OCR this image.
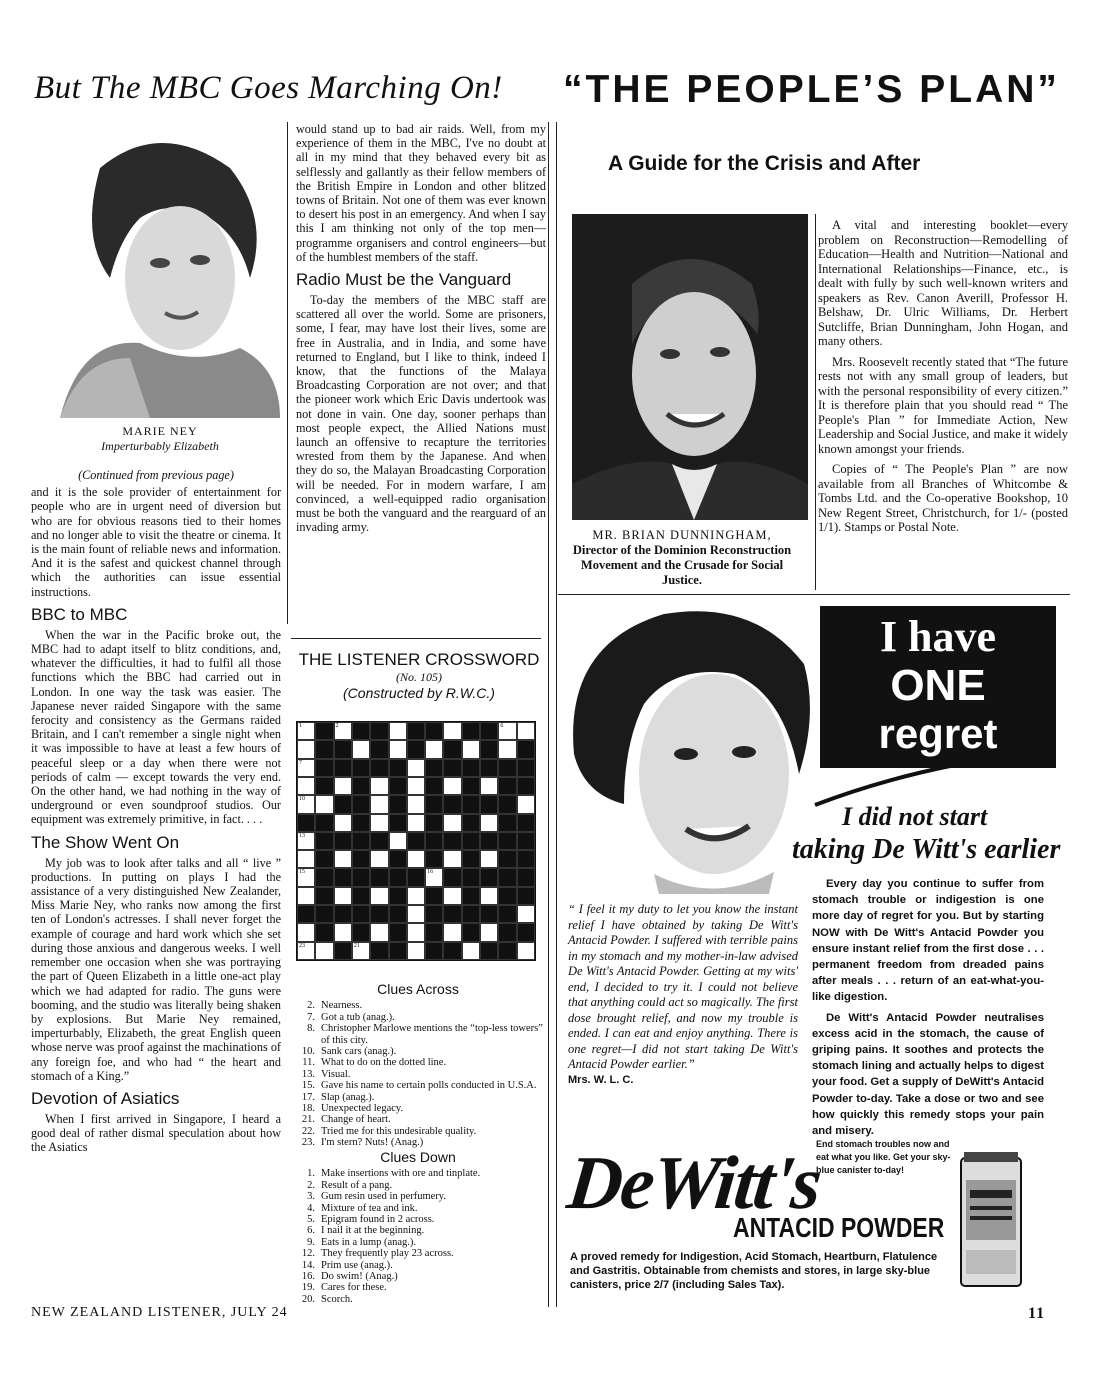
But The MBC Goes Marching On! “THE PEOPLE’S PLAN”
A Guide for the Crisis and After
MARIE NEY
Imperturbably Elizabeth
(Continued from previous page)

and it is the sole provider of entertainment for people who are in urgent need of diversion but who are for obvious reasons tied to their homes and no longer able to visit the theatre or cinema. It is the main fount of reliable news and information. And it is the safest and quickest channel through which the authorities can issue essential instructions.

BBC to MBC

When the war in the Pacific broke out, the MBC had to adapt itself to blitz conditions, and, whatever the difficulties, it had to fulfil all those functions which the BBC had carried out in London. In one way the task was easier. The Japanese never raided Singapore with the same ferocity and consistency as the Germans raided Britain, and I can't remember a single night when it was impossible to have at least a few hours of peaceful sleep or a day when there were not periods of calm — except towards the very end. On the other hand, we had nothing in the way of underground or even soundproof studios. Our equipment was extremely primitive, in fact. . . .

The Show Went On

My job was to look after talks and all “ live ” productions. In putting on plays I had the assistance of a very distinguished New Zealander, Miss Marie Ney, who ranks now among the first ten of London's actresses. I shall never forget the example of courage and hard work which she set during those anxious and dangerous weeks. I well remember one occasion when she was portraying the part of Queen Elizabeth in a little one-act play which we had adapted for radio. The guns were booming, and the studio was literally being shaken by explosions. But Marie Ney remained, imperturbably, Elizabeth, the great English queen whose nerve was proof against the machinations of any foreign foe, and who had “ the heart and stomach of a King.”

Devotion of Asiatics

When I first arrived in Singapore, I heard a good deal of rather dismal speculation about how the Asiatics

would stand up to bad air raids. Well, from my experience of them in the MBC, I've no doubt at all in my mind that they behaved every bit as selflessly and gallantly as their fellow members of the British Empire in London and other blitzed towns of Britain. Not one of them was ever known to desert his post in an emergency. And when I say this I am thinking not only of the top men—programme organisers and control engineers—but of the humblest members of the staff.

Radio Must be the Vanguard

To-day the members of the MBC staff are scattered all over the world. Some are prisoners, some, I fear, may have lost their lives, some are free in Australia, and in India, and some have returned to England, but I like to think, indeed I know, that the functions of the Malaya Broadcasting Corporation are not over; and that the pioneer work which Eric Davis undertook was not done in vain. One day, sooner perhaps than most people expect, the Allied Nations must launch an offensive to recapture the territories wrested from them by the Japanese. And when they do so, the Malayan Broadcasting Corporation will be needed. For in modern warfare, I am convinced, a well-equipped radio organisation must be both the vanguard and the rearguard of an invading army.

THE LISTENER CROSSWORD
(No. 105)
(Constructed by R.W.C.)
1	2	6
7
10
13
15	16
23	21
Clues Across
2. Nearness.
7. Got a tub (anag.).
8. Christopher Marlowe mentions the “top-less towers” of this city.
10. Sank cars (anag.).
11. What to do on the dotted line.
13. Visual.
15. Gave his name to certain polls conducted in U.S.A.
17. Slap (anag.).
18. Unexpected legacy.
21. Change of heart.
22. Tried me for this undesirable quality.
23. I'm stern? Nuts! (Anag.)
Clues Down
1. Make insertions with ore and tinplate.
2. Result of a pang.
3. Gum resin used in perfumery.
4. Mixture of tea and ink.
5. Epigram found in 2 across.
6. I nail it at the beginning.
9. Eats in a lump (anag.).
12. They frequently play 23 across.
14. Prim use (anag.).
16. Do swim! (Anag.)
19. Cares for these.
20. Scorch.
MR. BRIAN DUNNINGHAM,
Director of the Dominion Reconstruction Movement and the Crusade for Social Justice.

A vital and interesting booklet—every problem on Reconstruction—Remodelling of Education—Health and Nutrition—National and International Relationships—Finance, etc., is dealt with fully by such well-known writers and speakers as Rev. Canon Averill, Professor H. Belshaw, Dr. Ulric Williams, Dr. Herbert Sutcliffe, Brian Dunningham, John Hogan, and many others.

Mrs. Roosevelt recently stated that “The future rests not with any small group of leaders, but with the personal responsibility of every citizen.” It is therefore plain that you should read “ The People's Plan ” for Immediate Action, New Leadership and Social Justice, and make it widely known amongst your friends.

Copies of “ The People's Plan ” are now available from all Branches of Whitcombe & Tombs Ltd. and the Co-operative Bookshop, 10 New Regent Street, Christchurch, for 1/- (posted 1/1). Stamps or Postal Note.

I have
ONE
regret
I did not start
taking De Witt's earlier
“ I feel it my duty to let you know the instant relief I have obtained by taking De Witt's Antacid Powder. I suffered with terrible pains in my stomach and my mother-in-law advised De Witt's Antacid Powder. Getting at my wits' end, I decided to try it. I could not believe that anything could act so magically. The first dose brought relief, and now my trouble is ended. I can eat and enjoy anything. There is one regret—I did not start taking De Witt's Antacid Powder earlier.”
Mrs. W. L. C.

Every day you continue to suffer from stomach trouble or indigestion is one more day of regret for you. But by starting NOW with De Witt's Antacid Powder you ensure instant relief from the first dose . . . permanent freedom from dreaded pains after meals . . . return of an eat-what-you-like digestion.

De Witt's Antacid Powder neutralises excess acid in the stomach, the cause of griping pains. It soothes and protects the stomach lining and actually helps to digest your food. Get a supply of DeWitt's Antacid Powder to-day. Take a dose or two and see how quickly this remedy stops your pain and misery.

End stomach troubles now and eat what you like. Get your sky-blue canister to-day!
DeWitt's
ANTACID POWDER
A proved remedy for Indigestion, Acid Stomach, Heartburn, Flatulence and Gastritis. Obtainable from chemists and stores, in large sky-blue canisters, price 2/7 (including Sales Tax).
NEW ZEALAND LISTENER, JULY 24	11
